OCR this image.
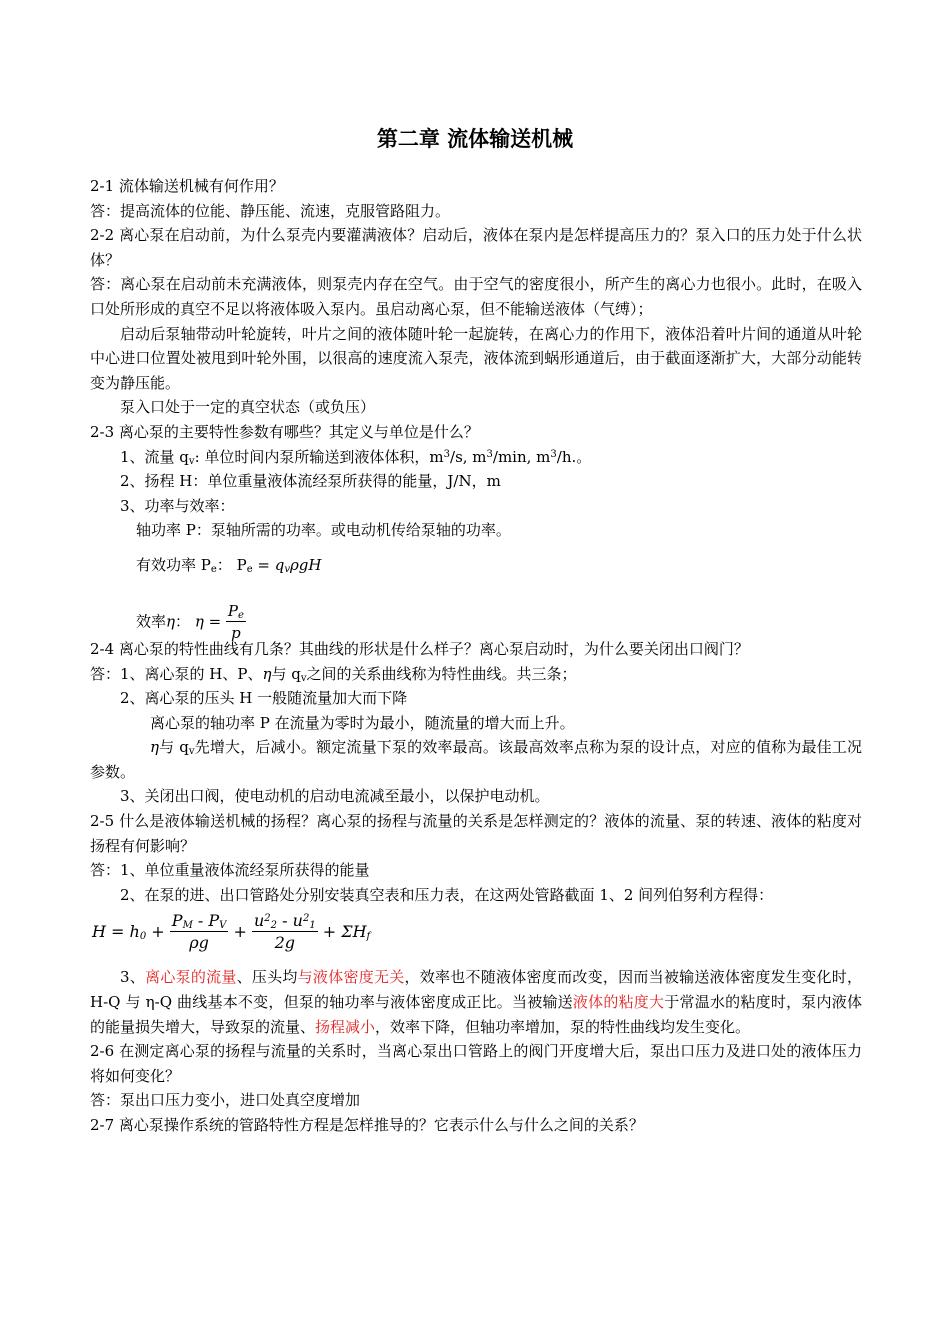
第二章 流体输送机械

2-1 流体输送机械有何作用？

答：提高流体的位能、静压能、流速，克服管路阻力。

2-2 离心泵在启动前，为什么泵壳内要灌满液体？启动后，液体在泵内是怎样提高压力的？泵入口的压力处于什么状体？

答：离心泵在启动前未充满液体，则泵壳内存在空气。由于空气的密度很小，所产生的离心力也很小。此时，在吸入口处所形成的真空不足以将液体吸入泵内。虽启动离心泵，但不能输送液体（气缚）；

启动后泵轴带动叶轮旋转，叶片之间的液体随叶轮一起旋转，在离心力的作用下，液体沿着叶片间的通道从叶轮中心进口位置处被甩到叶轮外围，以很高的速度流入泵壳，液体流到蜗形通道后，由于截面逐渐扩大，大部分动能转变为静压能。

泵入口处于一定的真空状态（或负压）

2-3 离心泵的主要特性参数有哪些？其定义与单位是什么？

1、流量 $q_v$: 单位时间内泵所输送到液体体积，$m^3/s$, $m^3/\min$, $m^3/h$.。

2、扬程 H：单位重量液体流经泵所获得的能量，J/N，m

3、功率与效率：

轴功率 P：泵轴所需的功率。或电动机传给泵轴的功率。

有效功率 $P_e$： $P_e = q_v\rho gH$
效率η： $\eta = \frac{P_e}{p}$

2-4 离心泵的特性曲线有几条？其曲线的形状是什么样子？离心泵启动时，为什么要关闭出口阀门？

答：1、离心泵的 H、P、η与 $q_v$之间的关系曲线称为特性曲线。共三条；

2、离心泵的压头 H 一般随流量加大而下降

离心泵的轴功率 P 在流量为零时为最小，随流量的增大而上升。

η与 $q_v$先增大，后减小。额定流量下泵的效率最高。该最高效率点称为泵的设计点，对应的值称为最佳工况参数。

3、关闭出口阀，使电动机的启动电流减至最小，以保护电动机。

2-5 什么是液体输送机械的扬程？离心泵的扬程与流量的关系是怎样测定的？液体的流量、泵的转速、液体的粘度对扬程有何影响？

答：1、单位重量液体流经泵所获得的能量

2、在泵的进、出口管路处分别安装真空表和压力表，在这两处管路截面 1、2 间列伯努利方程得：

$H = h_0 + \frac{P_M - P_V}{\rho g} + \frac{u^2_2 - u^2_1}{2g} + \Sigma H_f$

3、离心泵的流量、压头均与液体密度无关，效率也不随液体密度而改变，因而当被输送液体密度发生变化时，H-Q 与 η-Q 曲线基本不变，但泵的轴功率与液体密度成正比。当被输送液体的粘度大于常温水的粘度时，泵内液体的能量损失增大，导致泵的流量、扬程减小，效率下降，但轴功率增加，泵的特性曲线均发生变化。

2-6 在测定离心泵的扬程与流量的关系时，当离心泵出口管路上的阀门开度增大后，泵出口压力及进口处的液体压力将如何变化？

答：泵出口压力变小，进口处真空度增加

2-7 离心泵操作系统的管路特性方程是怎样推导的？它表示什么与什么之间的关系？
